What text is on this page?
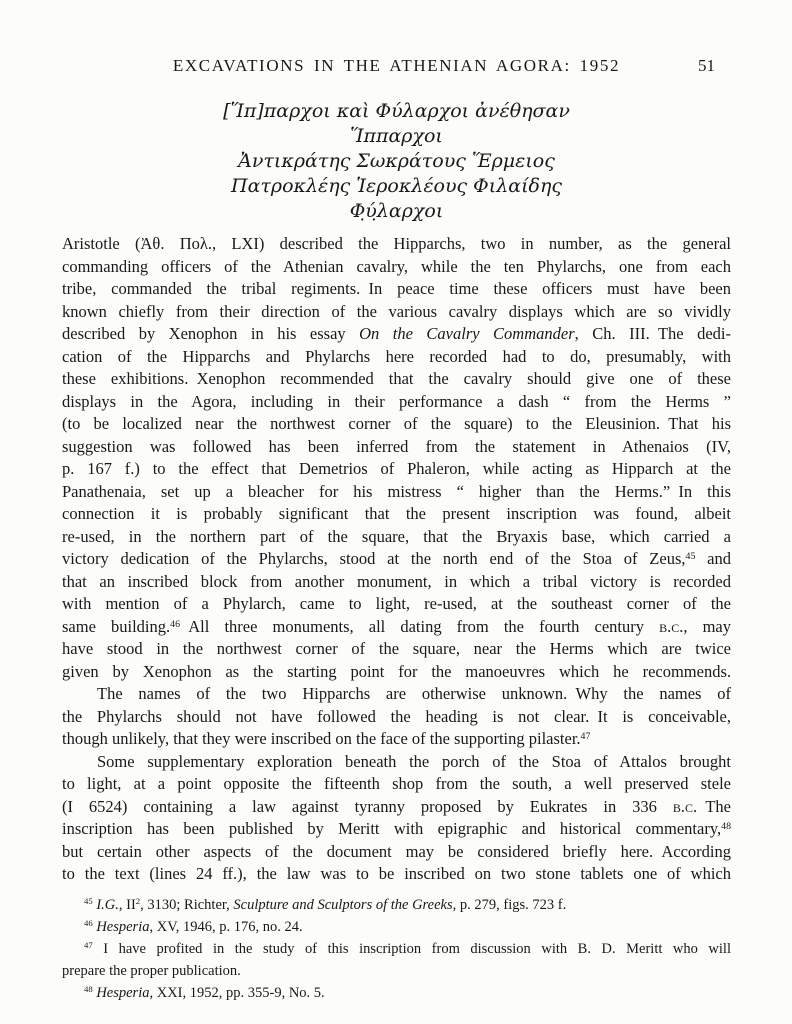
EXCAVATIONS IN THE ATHENIAN AGORA: 1952	51
[Ἵπ]παρχοι καὶ Φύλαρχοι ἀνέθησαν
Ἵππαρχοι
Ἀντικράτης Σωκράτους Ἕρμειος
Πατροκλέης Ἱεροκλέους Φιλαίδης
Φ̣ύ̣λαρχοι
Aristotle (Ἀθ. Πολ., LXI) described the Hipparchs, two in number, as the general
commanding officers of the Athenian cavalry, while the ten Phylarchs, one from each
tribe, commanded the tribal regiments. In peace time these officers must have been
known chiefly from their direction of the various cavalry displays which are so vividly
described by Xenophon in his essay On the Cavalry Commander, Ch. III. The dedi-
cation of the Hipparchs and Phylarchs here recorded had to do, presumably, with
these exhibitions. Xenophon recommended that the cavalry should give one of these
displays in the Agora, including in their performance a dash “ from the Herms ”
(to be localized near the northwest corner of the square) to the Eleusinion. That his
suggestion was followed has been inferred from the statement in Athenaios (IV,
p. 167 f.) to the effect that Demetrios of Phaleron, while acting as Hipparch at the
Panathenaia, set up a bleacher for his mistress “ higher than the Herms.” In this
connection it is probably significant that the present inscription was found, albeit
re-used, in the northern part of the square, that the Bryaxis base, which carried a
victory dedication of the Phylarchs, stood at the north end of the Stoa of Zeus,$^{45}$ and
that an inscribed block from another monument, in which a tribal victory is recorded
with mention of a Phylarch, came to light, re-used, at the southeast corner of the
same building.$^{46}$ All three monuments, all dating from the fourth century b.c., may
have stood in the northwest corner of the square, near the Herms which are twice
given by Xenophon as the starting point for the manoeuvres which he recommends.
The names of the two Hipparchs are otherwise unknown. Why the names of
the Phylarchs should not have followed the heading is not clear. It is conceivable,
though unlikely, that they were inscribed on the face of the supporting pilaster.$^{47}$
Some supplementary exploration beneath the porch of the Stoa of Attalos brought
to light, at a point opposite the fifteenth shop from the south, a well preserved stele
(I 6524) containing a law against tyranny proposed by Eukrates in 336 b.c. The
inscription has been published by Meritt with epigraphic and historical commentary,$^{48}$
but certain other aspects of the document may be considered briefly here. According
to the text (lines 24 ff.), the law was to be inscribed on two stone tablets one of which
$^{45}$ I.G., $II^2$, 3130; Richter, Sculpture and Sculptors of the Greeks, p. 279, figs. 723 f.
$^{46}$ Hesperia, XV, 1946, p. 176, no. 24.
$^{47}$ I have profited in the study of this inscription from discussion with B. D. Meritt who will
prepare the proper publication.
$^{48}$ Hesperia, XXI, 1952, pp. 355-9, No. 5.
